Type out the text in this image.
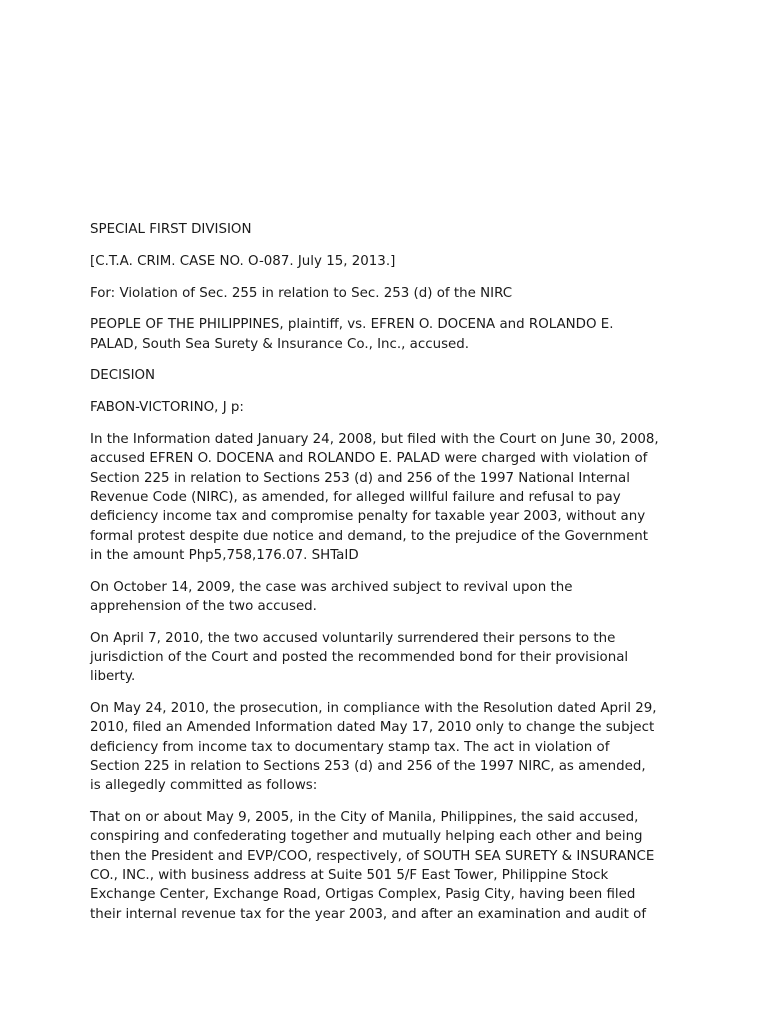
SPECIAL FIRST DIVISION

[C.T.A. CRIM. CASE NO. O-087. July 15, 2013.]

For: Violation of Sec. 255 in relation to Sec. 253 (d) of the NIRC

PEOPLE OF THE PHILIPPINES, plaintiff, vs. EFREN O. DOCENA and ROLANDO E.
PALAD, South Sea Surety & Insurance Co., Inc., accused.

DECISION

FABON-VICTORINO, J p:

In the Information dated January 24, 2008, but filed with the Court on June 30, 2008,
accused EFREN O. DOCENA and ROLANDO E. PALAD were charged with violation of
Section 225 in relation to Sections 253 (d) and 256 of the 1997 National Internal
Revenue Code (NIRC), as amended, for alleged willful failure and refusal to pay
deficiency income tax and compromise penalty for taxable year 2003, without any
formal protest despite due notice and demand, to the prejudice of the Government
in the amount Php5,758,176.07. SHTaID

On October 14, 2009, the case was archived subject to revival upon the
apprehension of the two accused.

On April 7, 2010, the two accused voluntarily surrendered their persons to the
jurisdiction of the Court and posted the recommended bond for their provisional
liberty.

On May 24, 2010, the prosecution, in compliance with the Resolution dated April 29,
2010, filed an Amended Information dated May 17, 2010 only to change the subject
deficiency from income tax to documentary stamp tax. The act in violation of
Section 225 in relation to Sections 253 (d) and 256 of the 1997 NIRC, as amended,
is allegedly committed as follows:

That on or about May 9, 2005, in the City of Manila, Philippines, the said accused,
conspiring and confederating together and mutually helping each other and being
then the President and EVP/COO, respectively, of SOUTH SEA SURETY & INSURANCE
CO., INC., with business address at Suite 501 5/F East Tower, Philippine Stock
Exchange Center, Exchange Road, Ortigas Complex, Pasig City, having been filed
their internal revenue tax for the year 2003, and after an examination and audit of
